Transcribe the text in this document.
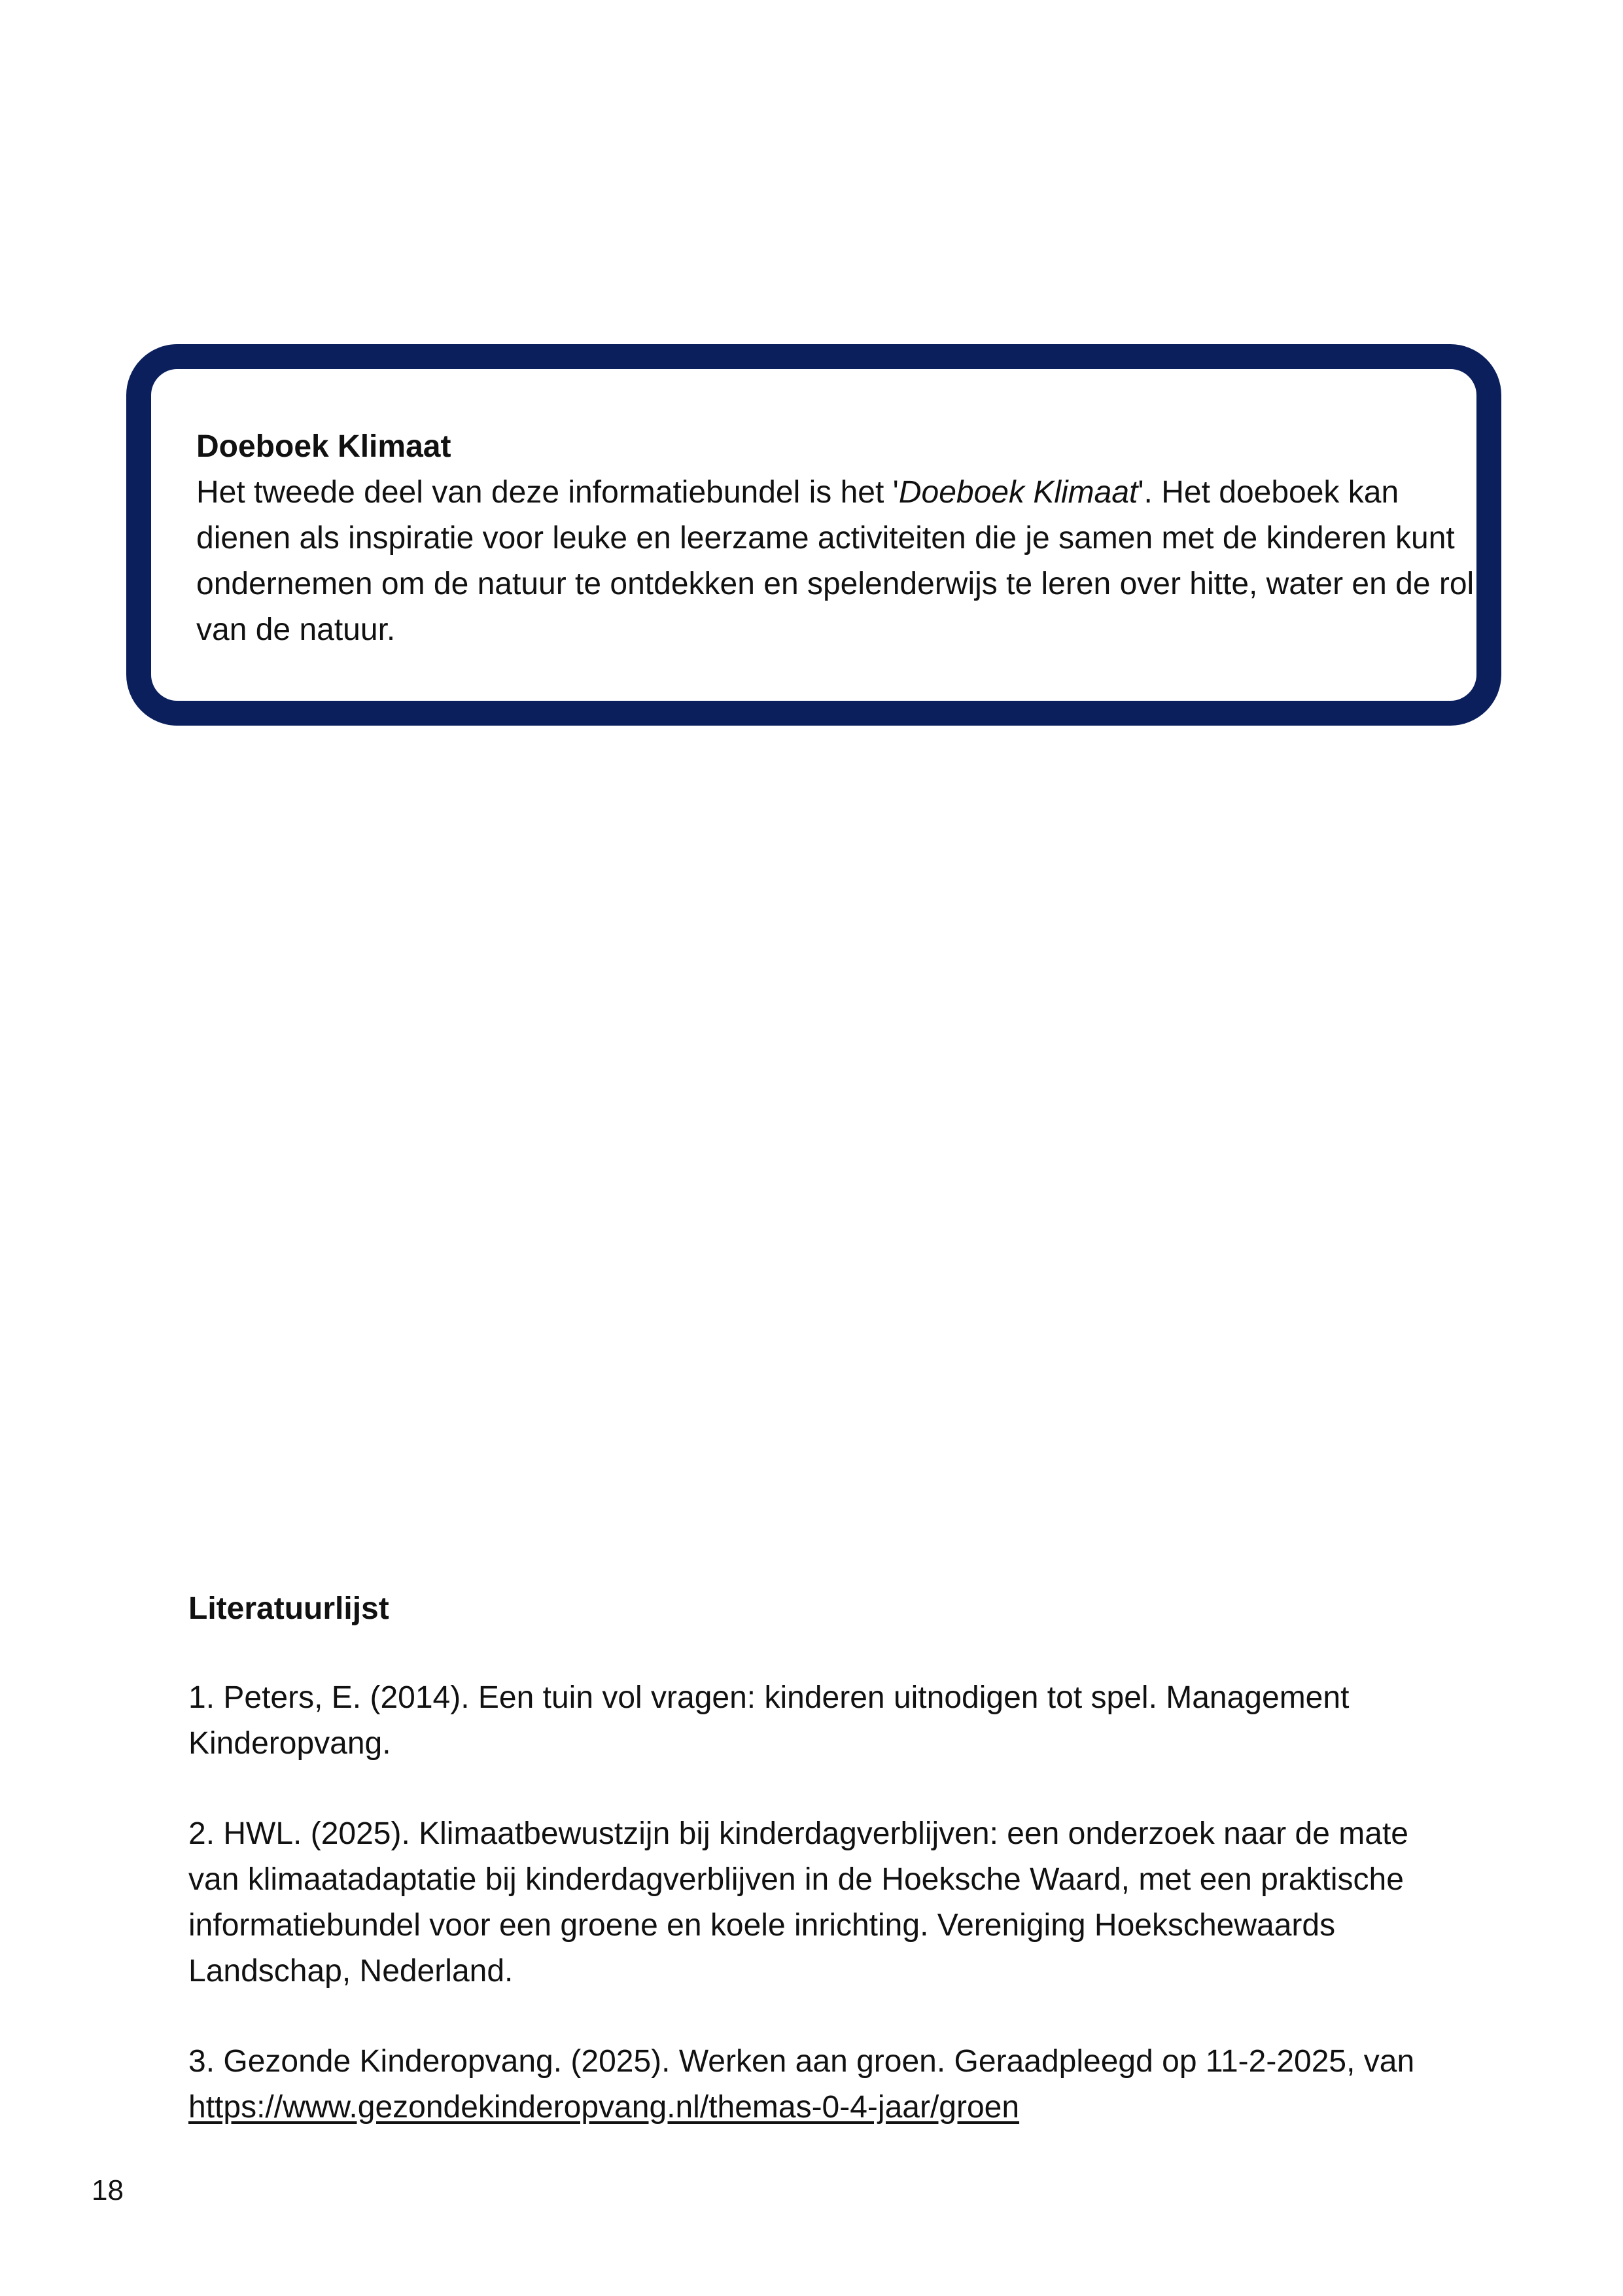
Doeboek Klimaat

Het tweede deel van deze informatiebundel is het 'Doeboek Klimaat'. Het doeboek kan dienen als inspiratie voor leuke en leerzame activiteiten die je samen met de kinderen kunt ondernemen om de natuur te ontdekken en spelenderwijs te leren over hitte, water en de rol van de natuur.

Literatuurlijst

1. Peters, E. (2014). Een tuin vol vragen: kinderen uitnodigen tot spel. Management Kinderopvang.

2. HWL. (2025). Klimaatbewustzijn bij kinderdagverblijven: een onderzoek naar de mate van klimaatadaptatie bij kinderdagverblijven in de Hoeksche Waard, met een praktische informatiebundel voor een groene en koele inrichting. Vereniging Hoekschewaards Landschap, Nederland.

3. Gezonde Kinderopvang. (2025). Werken aan groen. Geraadpleegd op 11-2-2025, van https://www.gezondekinderopvang.nl/themas-0-4-jaar/groen

18
